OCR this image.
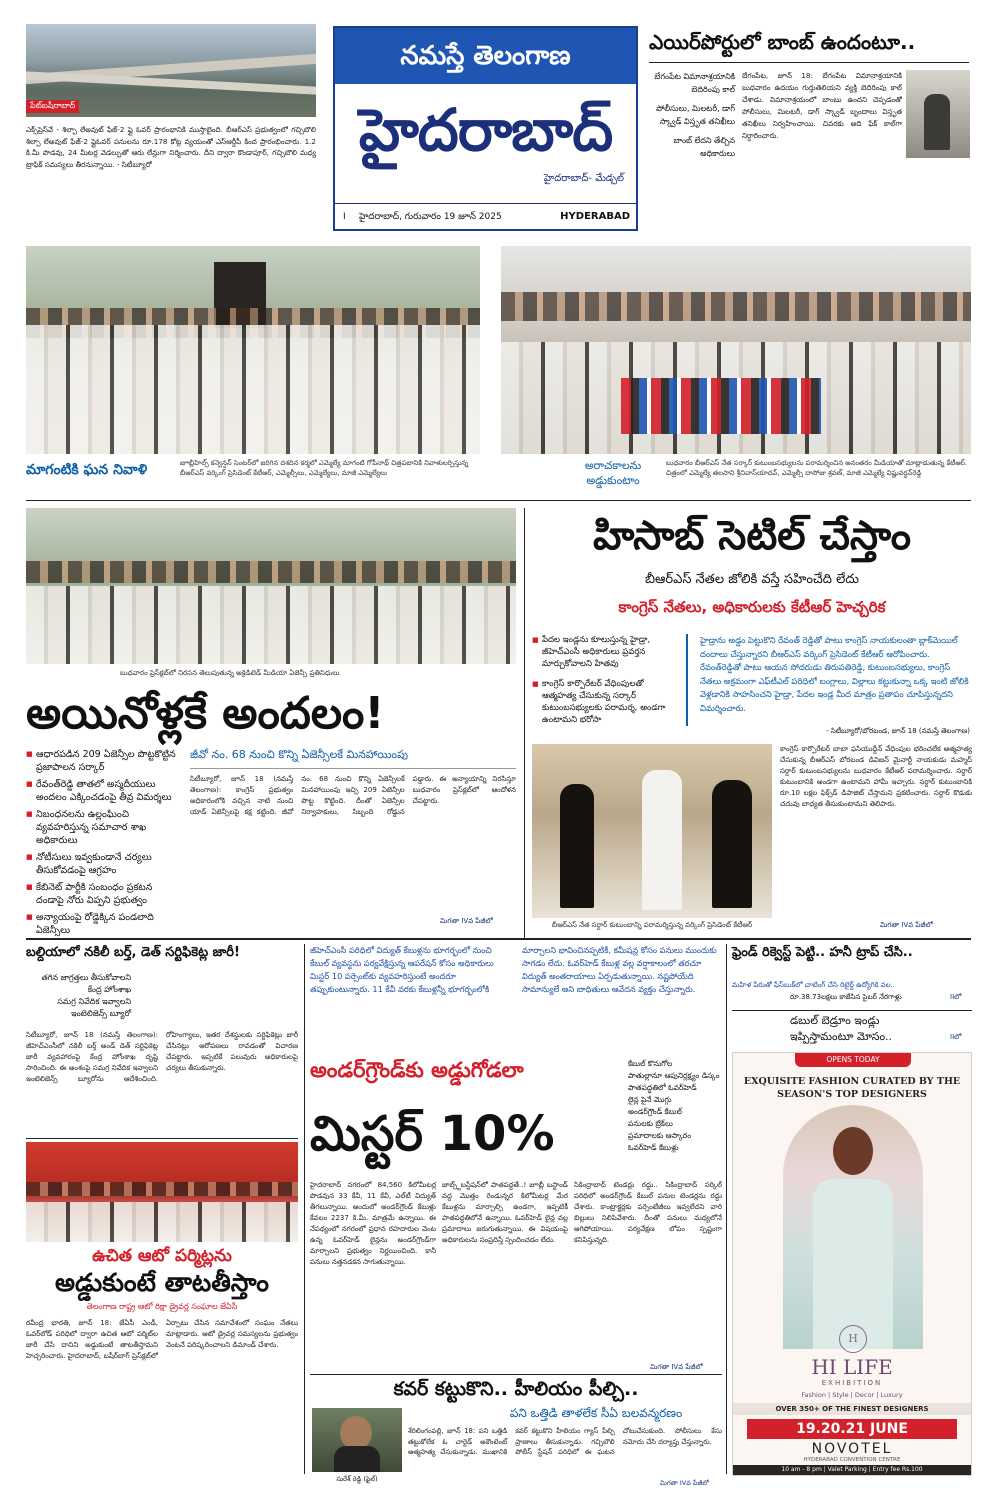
పేట్‌బషీరాబాద్
ఎక్స్‌ప్రెస్‌వే - శిల్పా లేఅవుట్ ఫేజ్-2 ఫ్లై ఓవర్ ప్రారంభానికి ముస్తాబైంది. బీఆర్ఎస్ ప్రభుత్వంలో గచ్చిబౌలి శిల్పా లేఅవుట్ ఫేజ్-2 ఫ్లైఓవర్ పనులను రూ.178 కోట్ల వ్యయంతో ఎస్ఆర్డీపీ కింద ప్రారంభించారు. 1.2 కి.మీ పొడవు, 24 మీటర్ల వెడల్పుతో ఆరు లేన్లుగా నిర్మించారు. దీని ద్వారా కొండాపూర్, గచ్చిబౌలి మధ్య ట్రాఫిక్ సమస్యలు తీరనున్నాయి. - సిటీబ్యూరో
నమస్తే తెలంగాణ
హైదరాబాద్
హైదరాబాద్- మేడ్చల్
I హైదరాబాద్, గురువారం 19 జూన్ 2025	HYDERABAD
ఎయిర్‌పోర్టులో బాంబ్ ఉందంటూ..
బేగంపేట విమానాశ్రయానికి బెదిరింపు కాల్
పోలీసులు, మిలటరీ, డాగ్ స్క్వాడ్ విస్తృత తనిఖీలు
బాంబ్ లేదని తేల్చిన అధికారులు
బేగంపేట, జూన్ 18: బేగంపేట విమానాశ్రయానికి బుధవారం ఉదయం గుర్తుతెలియని వ్యక్తి బెదిరింపు కాల్ చేశాడు. విమానాశ్రయంలో బాంబు ఉందని చెప్పడంతో పోలీసులు, మిలటరీ, డాగ్ స్క్వాడ్ బృందాలు విస్తృత తనిఖీలు నిర్వహించాయి. చివరకు అది ఫేక్ కాల్‌గా నిర్ధారించారు.
మాగంటికి ఘన నివాళి	జూబ్లీహిల్స్ కన్వెన్షన్ సెంటర్‌లో జరిగిన దశదిన కర్మలో ఎమ్మెల్యే మాగంటి గోపీనాథ్ చిత్రపటానికి నివాళులర్పిస్తున్న బీఆర్ఎస్ వర్కింగ్ ప్రెసిడెంట్ కేటీఆర్, ఎమ్మెల్సీలు, ఎమ్మెల్యేలు, మాజీ ఎమ్మెల్యేలు
అరాచకాలను
అడ్డుకుంటాం
బుధవారం బీఆర్ఎస్ నేత సర్కార్ కుటుంబసభ్యులను పరామర్శించిన అనంతరం మీడియాతో మాట్లాడుతున్న కేటీఆర్. చిత్రంలో ఎమ్మెల్యే తలసాని శ్రీనివాస్‌యాదవ్, ఎమ్మెల్సీ దాసోజు శ్రవణ్, మాజీ ఎమ్మెల్యే విష్ణువర్ధన్‌రెడ్డి
బుధవారం ప్రెస్‌క్లబ్‌లో నిరసన తెలుపుతున్న అక్రెడిటెడ్ మీడియా ఏజెన్సీ ప్రతినిధులు
అయినోళ్లకే అందలం!
■ ఆధారపడిన 209 ఏజెన్సీల పొట్టకొట్టిన ప్రజాపాలన సర్కార్
■ రేవంత్‌రెడ్డి తాతలో అస్మదీయులు అందలం ఎక్కించడంపై తీవ్ర విమర్శలు
■ నిబంధనలను ఉల్లంఘించి వ్యవహరిస్తున్న సమాచార శాఖ అధికారులు
■ నోటీసులు ఇవ్వకుండానే చర్యలు తీసుకోవడంపై ఆగ్రహం
■ కేబినెట్ పార్టీకి సంబంధం ప్రకటన దండాపై నోరు విప్పని ప్రభుత్వం
■ అన్యాయంపై రోడ్డెక్కిన పండలాది ఏజెన్సీలు
జీవో నం. 68 నుంచి కొన్ని ఏజెన్సీలకే మినహాయింపు
సిటీబ్యూరో, జూన్ 18 (నమస్తే తెలంగాణ): కాంగ్రెస్ ప్రభుత్వం అధికారంలోకి వచ్చిన నాటి నుంచి యాడ్ ఏజెన్సీలపై కక్ష కట్టింది. జీవో నం. 68 నుంచి కొన్ని ఏజెన్సీలకే మినహాయింపు ఇచ్చి 209 ఏజెన్సీల పొట్ట కొట్టింది. దీంతో ఏజెన్సీల నిర్వాహకులు, సిబ్బంది రోడ్డున పడ్డారు. ఈ అన్యాయాన్ని నిరసిస్తూ బుధవారం ప్రెస్‌క్లబ్‌లో ఆందోళన చేపట్టారు.
మిగతా IVవ పేజీలో
హిసాబ్ సెటిల్ చేస్తాం
బీఆర్ఎస్ నేతల జోలికి వస్తే సహించేది లేదు
కాంగ్రెస్ నేతలు, అధికారులకు కేటీఆర్ హెచ్చరిక
■ పేదల ఇండ్లను కూలుస్తున్న హైడ్రా, జీహెచ్ఎంసీ అధికారులు ప్రవర్తన మార్చుకోవాలని హితవు
■ కాంగ్రెస్ కార్పొరేటర్ వేధింపులతో ఆత్మహత్య చేసుకున్న సర్కార్ కుటుంబసభ్యులకు పరామర్శ, అండగా ఉంటామని భరోసా
హైడ్రాను అడ్డం పెట్టుకొని రేవంత్ రెడ్డితో పాటు కాంగ్రెస్ నాయకులంతా బ్లాక్‌మెయిల్ దందాలు చేస్తున్నారని బీఆర్ఎస్ వర్కింగ్ ప్రెసిడెంట్ కేటీఆర్ ఆరోపించారు. రేవంత్‌రెడ్డితో పాటు ఆయన సోదరుడు తిరుపతిరెడ్డి, కుటుంబసభ్యులు, కాంగ్రెస్ నేతలు అక్రమంగా ఎఫ్‌టీఎల్ పరిధిలో బంగ్లాలు, విల్లాలు కట్టుకున్నా ఒక్క ఇంటి జోలికి వెళ్లడానికి సాహసించని హైడ్రా, పేదల ఇండ్ల మీద మాత్రం ప్రతాపం చూపిస్తున్నదని విమర్శించారు.
- సిటీబ్యూరో/బోరబండ, జూన్ 18 (నమస్తే తెలంగాణ)
బీఆర్ఎస్ నేత సర్దార్ కుటుంబాన్ని పరామర్శిస్తున్న వర్కింగ్ ప్రెసిడెంట్ కేటీఆర్
కాంగ్రెస్ కార్పొరేటర్ బాబా ఫసియుద్దీన్ వేధింపుల భరించలేక ఆత్మహత్య చేసుకున్న బీఆర్ఎస్ బోరబండ డివిజన్ మైనార్టీ నాయకుడు మహ్మద్ సర్దార్ కుటుంబసభ్యులను బుధవారం కేటీఆర్ పరామర్శించారు. సర్దార్ కుటుంబానికి అండగా ఉంటామని హామీ ఇచ్చారు. సర్దార్ కుటుంబానికి రూ.10 లక్షల ఫిక్స్‌డ్ డిపాజిట్ చేస్తామని ప్రకటించారు. సర్దార్ కొడుకు చదువు బాధ్యత తీసుకుంటామని తెలిపారు.
మిగతా IVవ పేజీలో
బల్దియాలో నకిలీ బర్త్, డెత్ సర్టిఫికెట్ల జారీ!
తగిన జాగ్రత్తలు తీసుకోవాలని
కేంద్ర హోంశాఖ
సమగ్ర నివేదిక ఇవ్వాలని
ఇంటెలిజెన్స్ బ్యూరో
సిటీబ్యూరో, జూన్ 18 (నమస్తే తెలంగాణ): జీహెచ్ఎంసీలో నకిలీ బర్త్ అండ్ డెత్ సర్టిఫికెట్ల జారీ వ్యవహారంపై కేంద్ర హోంశాఖ దృష్టి సారించింది. ఈ అంశంపై సమగ్ర నివేదిక ఇవ్వాలని ఇంటెలిజెన్స్ బ్యూరోను ఆదేశించింది. రోహింగ్యాలు, ఇతర దేశస్థులకు సర్టిఫికెట్లు జారీ చేసినట్లు ఆరోపణలు రావడంతో విచారణ చేపట్టారు. ఇప్పటికే పలువురు అధికారులపై చర్యలు తీసుకున్నారు.
ఉచిత ఆటో పర్మిట్లను
అడ్డుకుంటే తాటతీస్తాం
తెలంగాణ రాష్ట్ర ఆటో రిక్షా డ్రైవర్ల సంఘాల జేఏసీ
రవీంద్ర భారతి, జూన్ 18: జేఏసీ ఎండీ, ఓవర్‌లోడ్ పరిధిలో ద్వారా ఉచిత ఆటో పర్మిట్‌ల జారీ చేసే దానిని అడ్డుకుంటే తాటతీస్తామని హెచ్చరించారు. హైదరాబాద్, బషీర్‌బాగ్ ప్రెస్‌క్లబ్‌లో ఏర్పాటు చేసిన సమావేశంలో సంఘం నేతలు మాట్లాడారు. ఆటో డ్రైవర్ల సమస్యలను ప్రభుత్వం వెంటనే పరిష్కరించాలని డిమాండ్ చేశారు.
జీహెచ్ఎంసీ పరిధిలో విద్యుత్ కేబుళ్లను భూగర్భంలో నుంచి కేబుల్ వ్యవస్థను పర్యవేక్షిస్తున్న ఆపరేషన్ కోసం అధికారులు మిస్టర్ 10 పర్సెంట్‌కు వ్యవహరిస్తుంటే అందరూ తప్పుకుంటున్నారు. 11 కేవీ వరకు కేబుళ్లన్నీ భూగర్భంలోకి మార్చాలని భావించినప్పటికీ, కమీషన్ల కోసం పనులు ముందుకు సాగడం లేదు. ఓవర్‌హెడ్ కేబుళ్ల వల్ల వర్షాకాలంలో తరచూ విద్యుత్ అంతరాయాలు ఏర్పడుతున్నాయి. నష్టపోయేది సామాన్యులే అని బాధితులు ఆవేదన వ్యక్తం చేస్తున్నారు.
అండర్‌గ్రౌండ్‌కు అడ్డుగోడలా
మిస్టర్ 10%
కేబుల్ కొనుగోల
పాతుల్లానూ ఆపునిర్లక్ష్యం డిస్కం
పాతపద్ధతిలో ఓవర్‌హెడ్
లైన్ల పైనే మొగ్గు
అండర్‌గ్రౌండ్ కేబుల్
పనులకు బ్రేక్‌లు
ప్రమాదాలకు ఆస్కారం
ఓవర్‌హెడ్ కేబుళ్లు
హైదరాబాద్ నగరంలో 84,560 కిలోమీటర్ల పొడవున 33 కేవీ, 11 కేవీ, ఎల్‌టీ విద్యుత్ తీగలున్నాయి. అందులో అండర్‌గ్రౌండ్ కేబుళ్లు కేవలం 2237 కి.మీ. మాత్రమే ఉన్నాయి. ఈ నేపథ్యంలో నగరంలో ప్రధాన రహదారుల వెంట ఉన్న ఓవర్‌హెడ్ లైన్లను అండర్‌గ్రౌండ్‌గా మార్చాలని ప్రభుత్వం నిర్ణయించింది. కానీ పనులు నత్తనడకన సాగుతున్నాయి.
జాబ్స్ట్‌బస్టేషన్‌లో పాతపద్ధతే..! జూబ్లీ బస్టాండ్ వద్ద మొత్తం రెండున్నర కిలోమీటర్ల మేర కేబుళ్లను మార్చాల్సి ఉండగా, ఇప్పటికీ పాతపద్ధతిలోనే ఉన్నాయి. ఓవర్‌హెడ్ లైన్ల వల్ల ప్రమాదాలు జరుగుతున్నాయి. ఈ విషయంపై అధికారులను సంప్రదిస్తే స్పందించడం లేదు.
సికింద్రాబాద్ టెండర్లు రద్దు.. సికింద్రాబాద్ సర్కిల్ పరిధిలో అండర్‌గ్రౌండ్ కేబుల్ పనుల టెండర్లను రద్దు చేశారు. కాంట్రాక్టర్లకు పర్సెంటేజీలు ఇవ్వలేదని వారి బిల్లులు నిలిపివేశారు. దీంతో పనులు మధ్యలోనే ఆగిపోయాయి. పర్యవేక్షణ లోపం స్పష్టంగా కనిపిస్తున్నది.
మిగతా IVవ పేజీలో
కవర్ కట్టుకొని.. హీలియం పీల్చి..
పని ఒత్తిడి తాళలేక సీఏ బలవన్మరణం
సురేశ్ రెడ్డి (ఫైల్)
శేరిలింగంపల్లి, జూన్ 18: పని ఒత్తిడి తట్టుకోలేక ఓ చార్టెడ్ అకౌంటెంట్ ఆత్మహత్య చేసుకున్నాడు. ముఖానికి కవర్ కట్టుకొని హీలియం గ్యాస్ పీల్చి ప్రాణాలు తీసుకున్నాడు. గచ్చిబౌలి పోలీస్ స్టేషన్ పరిధిలో ఈ ఘటన చోటుచేసుకుంది. పోలీసులు కేసు నమోదు చేసి దర్యాప్తు చేస్తున్నారు.
మిగతా IVవ పేజీలో
ఫ్రెండ్ రిక్వెస్ట్ పెట్టి.. హనీ ట్రాప్ చేసి..
మహిళ పేరుతో ఫేస్‌బుక్‌లో చాటింగ్ చేసి రిటైర్డ్ ఉద్యోగికి వల..
రూ.38.73లక్షలు కాజేసిన సైబర్ నేరగాళ్లు	IIలో
డబుల్ బెడ్రూం ఇండ్లు
ఇప్పిస్తామంటూ మోసం..	IIలో
OPENS TODAY
EXQUISITE FASHION CURATED BY THE SEASON'S TOP DESIGNERS
H
HI LIFE
EXHIBITION
Fashion | Style | Decor | Luxury
OVER 350+ OF THE FINEST DESIGNERS
19.20.21 JUNE
NOVOTEL
HYDERABAD CONVENTION CENTRE
10 am - 8 pm | Valet Parking | Entry fee Rs.100
